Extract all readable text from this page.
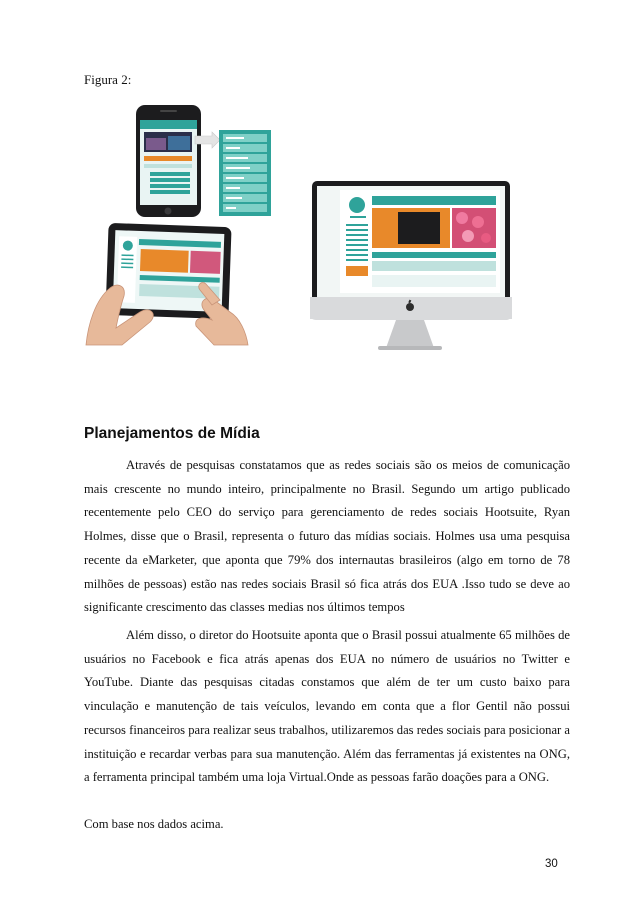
Figura 2:
Planejamentos de Mídia
Através de pesquisas constatamos que as redes sociais são os meios de comunicação mais crescente no mundo inteiro, principalmente no Brasil. Segundo um artigo publicado recentemente pelo CEO do serviço para gerenciamento de redes sociais Hootsuite, Ryan Holmes, disse que o Brasil, representa o futuro das mídias sociais. Holmes usa uma pesquisa recente da eMarketer, que aponta que 79% dos internautas brasileiros (algo em torno de 78 milhões de pessoas) estão nas redes sociais Brasil só fica atrás dos EUA .Isso tudo se deve ao significante crescimento das classes medias nos últimos tempos
Além disso, o diretor do Hootsuite aponta que o Brasil possui atualmente 65 milhões de usuários no Facebook e fica atrás apenas dos EUA no número de usuários no Twitter e YouTube. Diante das pesquisas citadas constamos que além de ter um custo baixo para vinculação e manutenção de tais veículos, levando em conta que a flor Gentil não possui recursos financeiros para realizar seus trabalhos, utilizaremos das redes sociais para posicionar a instituição e recardar verbas para sua manutenção. Além das ferramentas já existentes na ONG, a ferramenta principal também uma loja Virtual.Onde as pessoas farão doações para a ONG.
Com base nos dados acima.
30
